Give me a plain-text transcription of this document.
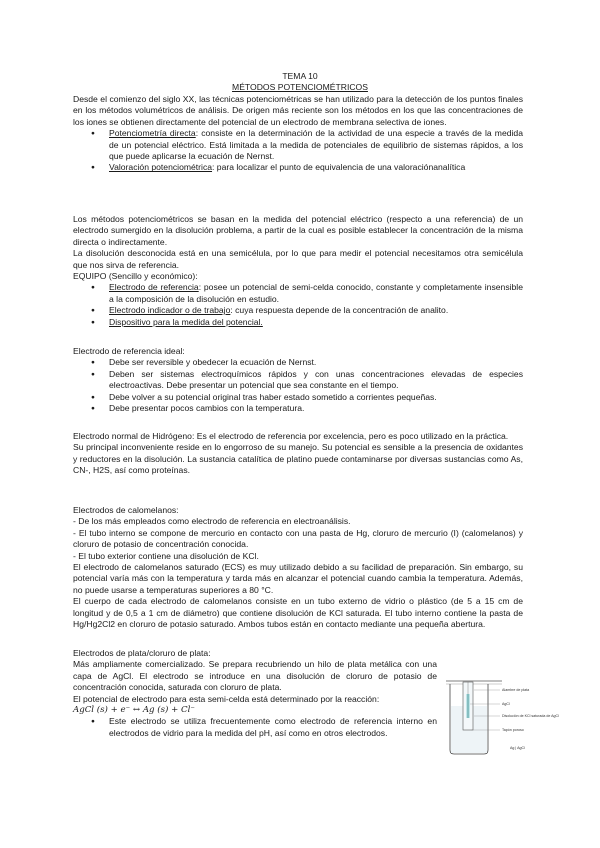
TEMA 10
MÉTODOS POTENCIOMÉTRICOS

Desde el comienzo del siglo XX, las técnicas potenciométricas se han utilizado para la detección de los puntos finales en los métodos volumétricos de análisis. De origen más reciente son los métodos en los que las concentraciones de los iones se obtienen directamente del potencial de un electrodo de membrana selectiva de iones.

● Potenciometría directa: consiste en la determinación de la actividad de una especie a través de la medida de un potencial eléctrico. Está limitada a la medida de potenciales de equilibrio de sistemas rápidos, a los que puede aplicarse la ecuación de Nernst.
● Valoración potenciométrica: para localizar el punto de equivalencia de una valoraciónanalítica

Los métodos potenciométricos se basan en la medida del potencial eléctrico (respecto a una referencia) de un electrodo sumergido en la disolución problema, a partir de la cual es posible establecer la concentración de la misma directa o indirectamente.

La disolución desconocida está en una semicélula, por lo que para medir el potencial necesitamos otra semicélula que nos sirva de referencia.

EQUIPO (Sencillo y económico):

● Electrodo de referencia: posee un potencial de semi-celda conocido, constante y completamente insensible a la composición de la disolución en estudio.
● Electrodo indicador o de trabajo: cuya respuesta depende de la concentración de analito.
● Dispositivo para la medida del potencial.

Electrodo de referencia ideal:

● Debe ser reversible y obedecer la ecuación de Nernst.
● Deben ser sistemas electroquímicos rápidos y con unas concentraciones elevadas de especies electroactivas. Debe presentar un potencial que sea constante en el tiempo.
● Debe volver a su potencial original tras haber estado sometido a corrientes pequeñas.
● Debe presentar pocos cambios con la temperatura.

Electrodo normal de Hidrógeno: Es el electrodo de referencia por excelencia, pero es poco utilizado en la práctica.

Su principal inconveniente reside en lo engorroso de su manejo. Su potencial es sensible a la presencia de oxidantes y reductores en la disolución. La sustancia catalítica de platino puede contaminarse por diversas sustancias como As, CN-, H2S, así como proteínas.

Electrodos de calomelanos:

- De los más empleados como electrodo de referencia en electroanálisis.

- El tubo interno se compone de mercurio en contacto con una pasta de Hg, cloruro de mercurio (I) (calomelanos) y cloruro de potasio de concentración conocida.

- El tubo exterior contiene una disolución de KCl.

El electrodo de calomelanos saturado (ECS) es muy utilizado debido a su facilidad de preparación. Sin embargo, su potencial varía más con la temperatura y tarda más en alcanzar el potencial cuando cambia la temperatura. Además, no puede usarse a temperaturas superiores a 80 °C.

El cuerpo de cada electrodo de calomelanos consiste en un tubo externo de vidrio o plástico (de 5 a 15 cm de longitud y de 0,5 a 1 cm de diámetro) que contiene disolución de KCl saturada. El tubo interno contiene la pasta de Hg/Hg2Cl2 en cloruro de potasio saturado. Ambos tubos están en contacto mediante una pequeña abertura.

Electrodos de plata/cloruro de plata:

Más ampliamente comercializado. Se prepara recubriendo un hilo de plata metálica con una capa de AgCl. El electrodo se introduce en una disolución de cloruro de potasio de concentración conocida, saturada con cloruro de plata.

El potencial de electrodo para esta semi-celda está determinado por la reacción:

AgCl (s) + e⁻ ↔ Ag (s) + Cl⁻

● Este electrodo se utiliza frecuentemente como electrodo de referencia interno en electrodos de vidrio para la medida del pH, así como en otros electrodos.
Alambre de plata
AgCl
Disolución de KCl saturada de AgCl
Tapón poroso
Ag | AgCl
